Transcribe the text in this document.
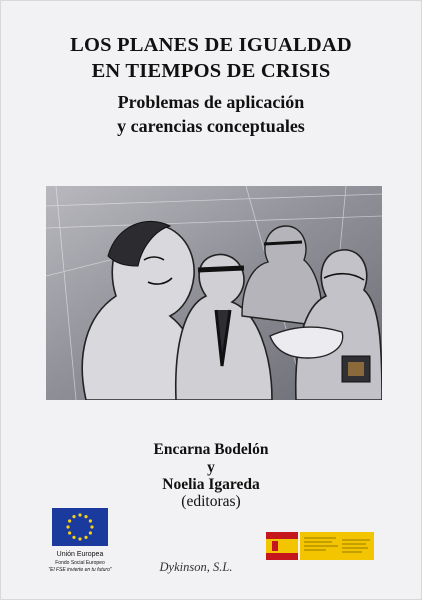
LOS PLANES DE IGUALDAD
EN TIEMPOS DE CRISIS
Problemas de aplicación
y carencias conceptuales
Encarna Bodelón
y
Noelia Igareda
(editoras)
Unión Europea
Fondo Social Europeo
"El FSE invierte en tu futuro"	Dykinson, S.L.
